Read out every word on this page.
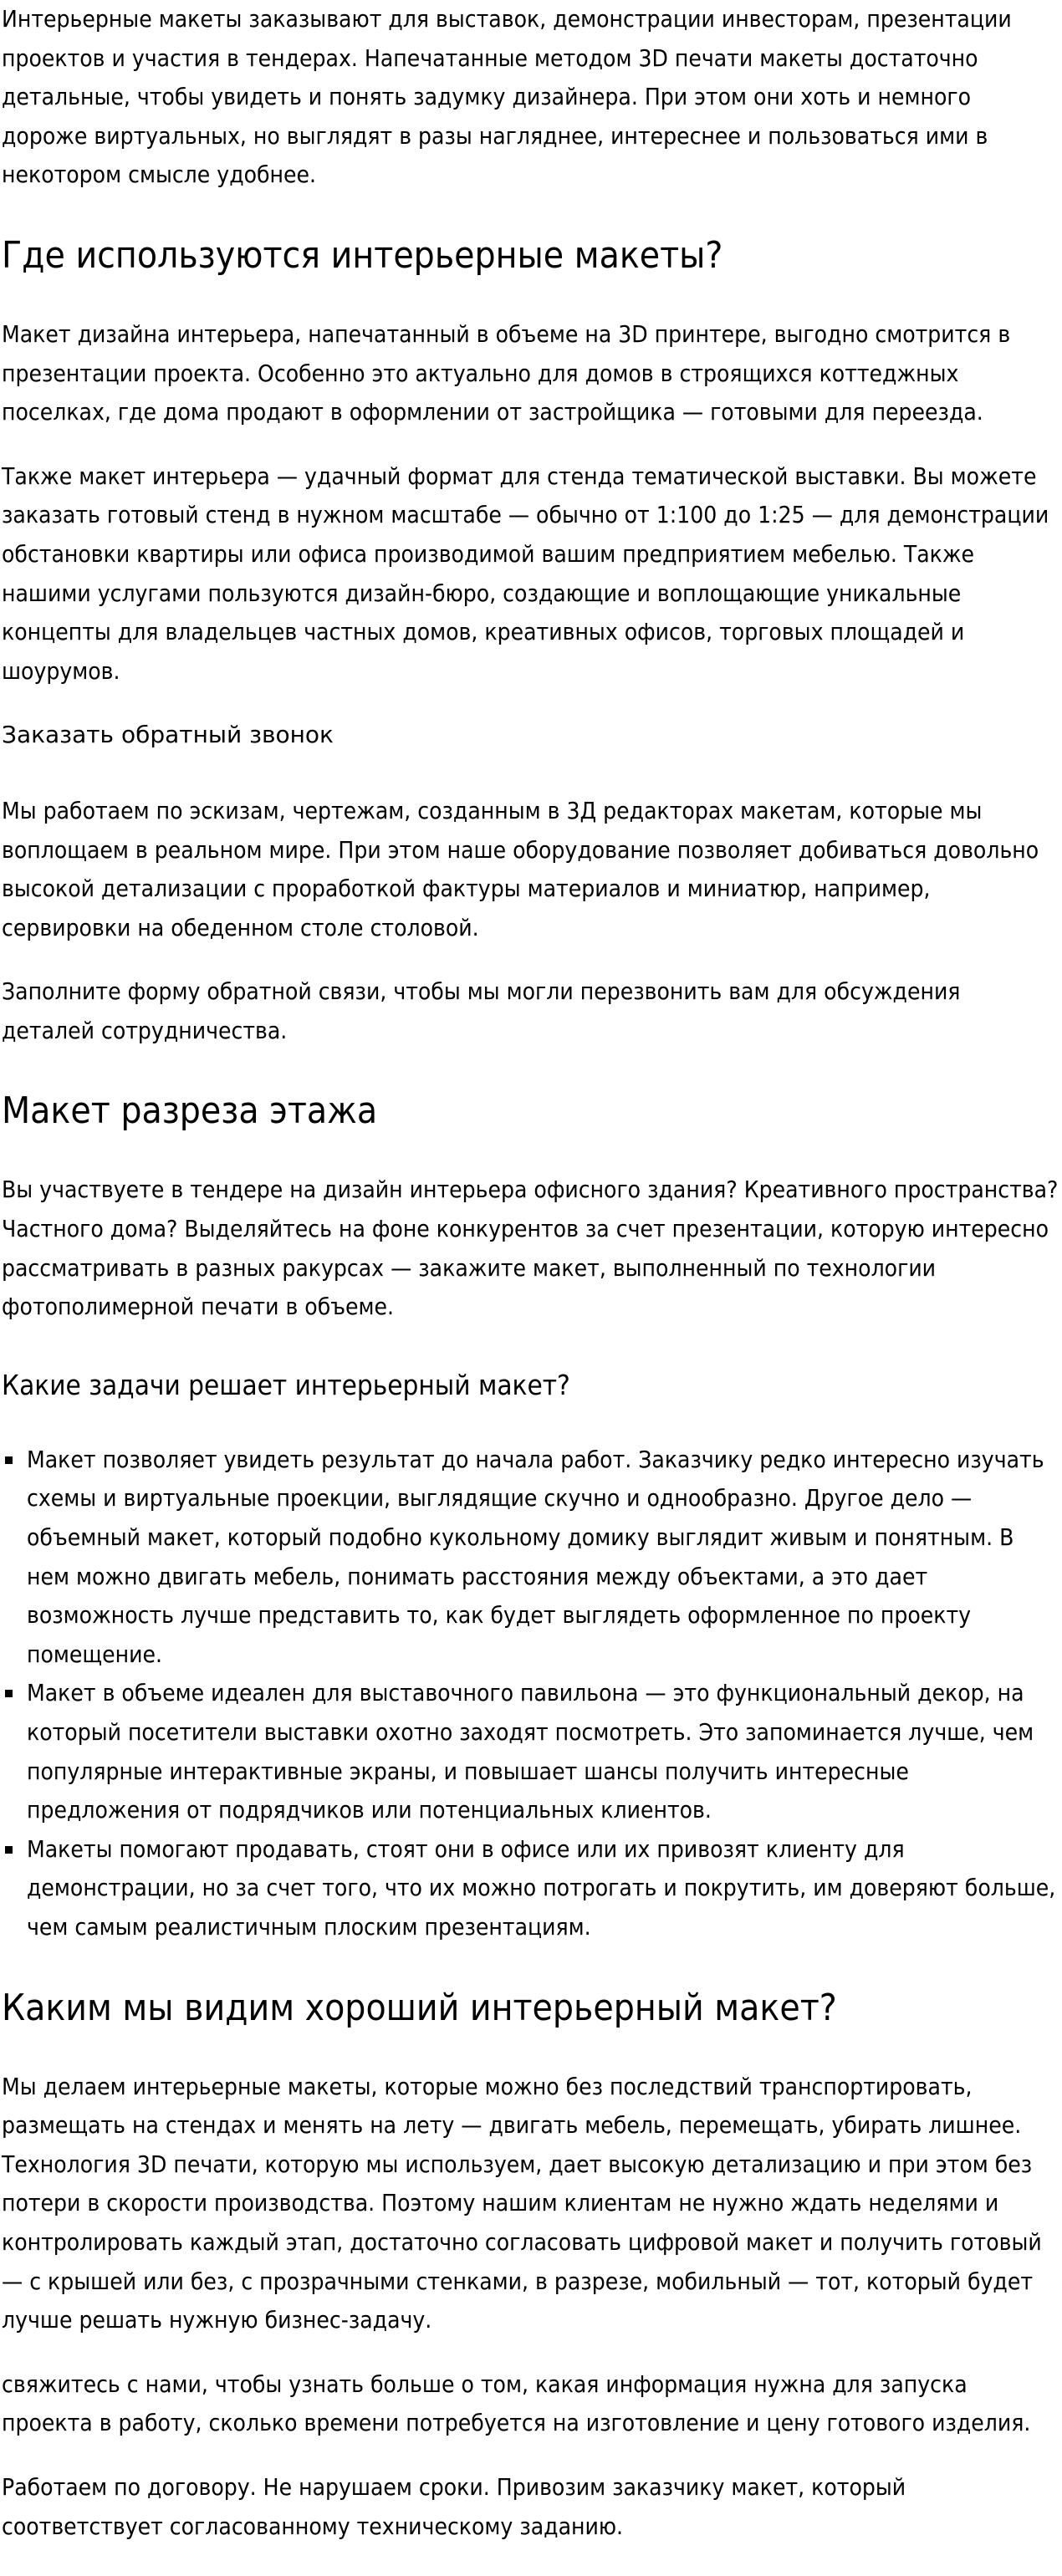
Интерьерные макеты заказывают для выставок, демонстрации инвесторам, презентации проектов и участия в тендерах. Напечатанные методом 3D печати макеты достаточно детальные, чтобы увидеть и понять задумку дизайнера. При этом они хоть и немного дороже виртуальных, но выглядят в разы нагляднее, интереснее и пользоваться ими в некотором смысле удобнее.

Где используются интерьерные макеты?

Макет дизайна интерьера, напечатанный в объеме на 3D принтере, выгодно смотрится в презентации проекта. Особенно это актуально для домов в строящихся коттеджных поселках, где дома продают в оформлении от застройщика — готовыми для переезда.

Также макет интерьера — удачный формат для стенда тематической выставки. Вы можете заказать готовый стенд в нужном масштабе — обычно от 1:100 до 1:25 — для демонстрации обстановки квартиры или офиса производимой вашим предприятием мебелью. Также нашими услугами пользуются дизайн-бюро, создающие и воплощающие уникальные концепты для владельцев частных домов, креативных офисов, торговых площадей и шоурумов.

Заказать обратный звонок

Мы работаем по эскизам, чертежам, созданным в 3Д редакторах макетам, которые мы воплощаем в реальном мире. При этом наше оборудование позволяет добиваться довольно высокой детализации с проработкой фактуры материалов и миниатюр, например, сервировки на обеденном столе столовой.

Заполните форму обратной связи, чтобы мы могли перезвонить вам для обсуждения деталей сотрудничества.

Макет разреза этажа

Вы участвуете в тендере на дизайн интерьера офисного здания? Креативного пространства? Частного дома? Выделяйтесь на фоне конкурентов за счет презентации, которую интересно рассматривать в разных ракурсах — закажите макет, выполненный по технологии фотополимерной печати в объеме.

Какие задачи решает интерьерный макет?
▪ Макет позволяет увидеть результат до начала работ. Заказчику редко интересно изучать схемы и виртуальные проекции, выглядящие скучно и однообразно. Другое дело — объемный макет, который подобно кукольному домику выглядит живым и понятным. В нем можно двигать мебель, понимать расстояния между объектами, а это дает возможность лучше представить то, как будет выглядеть оформленное по проекту помещение.
▪ Макет в объеме идеален для выставочного павильона — это функциональный декор, на который посетители выставки охотно заходят посмотреть. Это запоминается лучше, чем популярные интерактивные экраны, и повышает шансы получить интересные предложения от подрядчиков или потенциальных клиентов.
▪ Макеты помогают продавать, стоят они в офисе или их привозят клиенту для демонстрации, но за счет того, что их можно потрогать и покрутить, им доверяют больше, чем самым реалистичным плоским презентациям.
Каким мы видим хороший интерьерный макет?

Мы делаем интерьерные макеты, которые можно без последствий транспортировать, размещать на стендах и менять на лету — двигать мебель, перемещать, убирать лишнее. Технология 3D печати, которую мы используем, дает высокую детализацию и при этом без потери в скорости производства. Поэтому нашим клиентам не нужно ждать неделями и контролировать каждый этап, достаточно согласовать цифровой макет и получить готовый — с крышей или без, с прозрачными стенками, в разрезе, мобильный — тот, который будет лучше решать нужную бизнес-задачу.

свяжитесь с нами, чтобы узнать больше о том, какая информация нужна для запуска проекта в работу, сколько времени потребуется на изготовление и цену готового изделия.

Работаем по договору. Не нарушаем сроки. Привозим заказчику макет, который соответствует согласованному техническому заданию.
